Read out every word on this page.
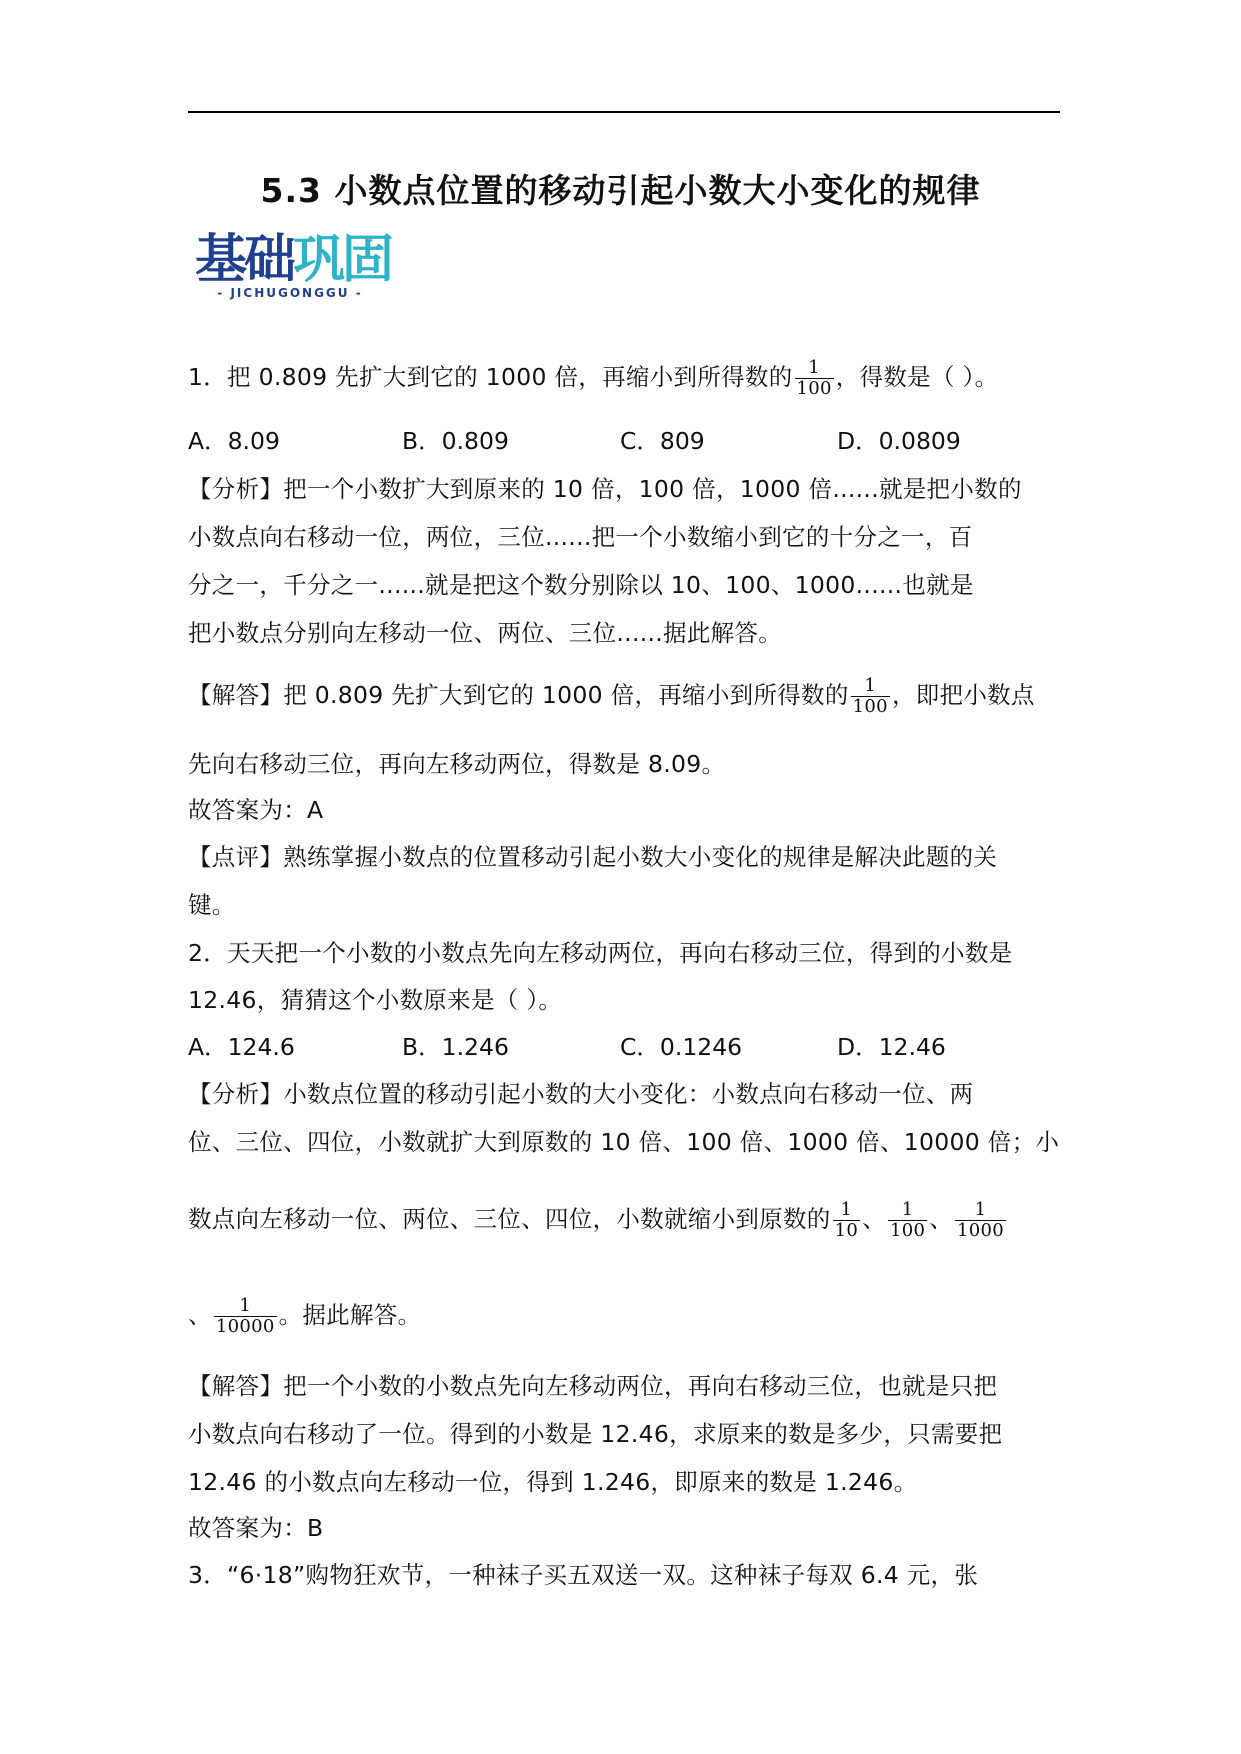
5.3 小数点位置的移动引起小数大小变化的规律
基础巩固
- JICHUGONGGU -
1．把 0.809 先扩大到它的 1000 倍，再缩小到所得数的 $\frac{1}{100}$ ，得数是（ ）。
A．8.09	B．0.809	C．809	D．0.0809
【分析】把一个小数扩大到原来的 10 倍，100 倍，1000 倍......就是把小数的
小数点向右移动一位，两位，三位......把一个小数缩小到它的十分之一，百
分之一，千分之一......就是把这个数分别除以 10、100、1000......也就是
把小数点分别向左移动一位、两位、三位......据此解答。
【解答】把 0.809 先扩大到它的 1000 倍，再缩小到所得数的 $\frac{1}{100}$ ，即把小数点
先向右移动三位，再向左移动两位，得数是 8.09。
故答案为：A
【点评】熟练掌握小数点的位置移动引起小数大小变化的规律是解决此题的关
键。
2．天天把一个小数的小数点先向左移动两位，再向右移动三位，得到的小数是
12.46，猜猜这个小数原来是（ ）。
A．124.6	B．1.246	C．0.1246	D．12.46
【分析】小数点位置的移动引起小数的大小变化：小数点向右移动一位、两
位、三位、四位，小数就扩大到原数的 10 倍、100 倍、1000 倍、10000 倍；小
数点向左移动一位、两位、三位、四位，小数就缩小到原数的 $\frac{1}{10}$ 、 $\frac{1}{100}$ 、 $\frac{1}{1000}$
、 $\frac{1}{10000}$ 。据此解答。
【解答】把一个小数的小数点先向左移动两位，再向右移动三位，也就是只把
小数点向右移动了一位。得到的小数是 12.46，求原来的数是多少，只需要把
12.46 的小数点向左移动一位，得到 1.246，即原来的数是 1.246。
故答案为：B
3．“6·18”购物狂欢节，一种袜子买五双送一双。这种袜子每双 6.4 元，张
